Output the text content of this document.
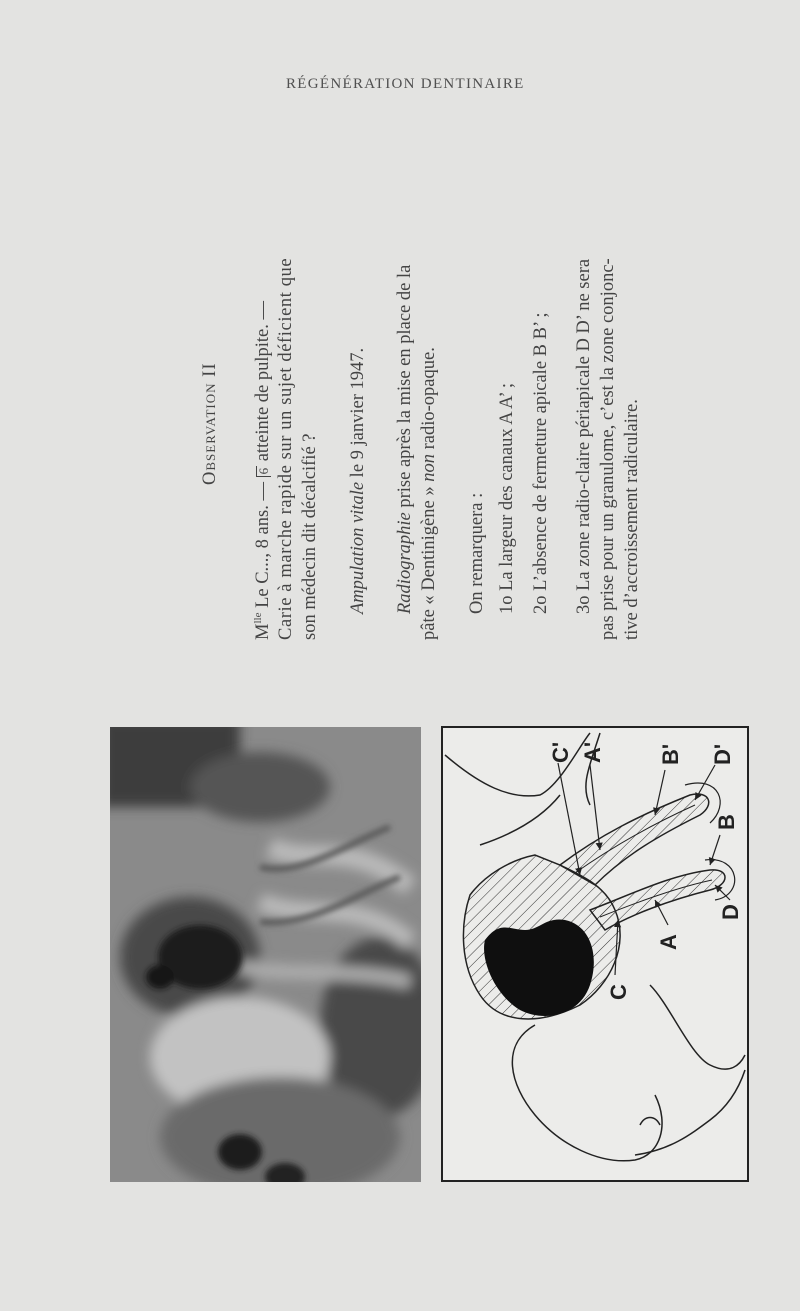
RÉGÉNÉRATION DENTINAIRE
Observation II
$M^{lle}$ Le C..., 8 ans. — 6 atteinte de pulpite. — Carie à marche rapide sur un sujet déficient que son médecin dit décalcifié ? Ampulation vitale le 9 janvier 1947.
Radiographie prise après la mise en place de la
pâte « Dentinigène » non radio-opaque.
On remarquera : 1o La largeur des canaux A A’ ; 2o L’absence de fermeture apicale B B’ ; 3o La zone radio-claire périapicale D D’ ne sera pas prise pour un granulome, c’est la zone conjonc- tive d’accroissement radiculaire.
C' A' B' D'
B
D
A
C
